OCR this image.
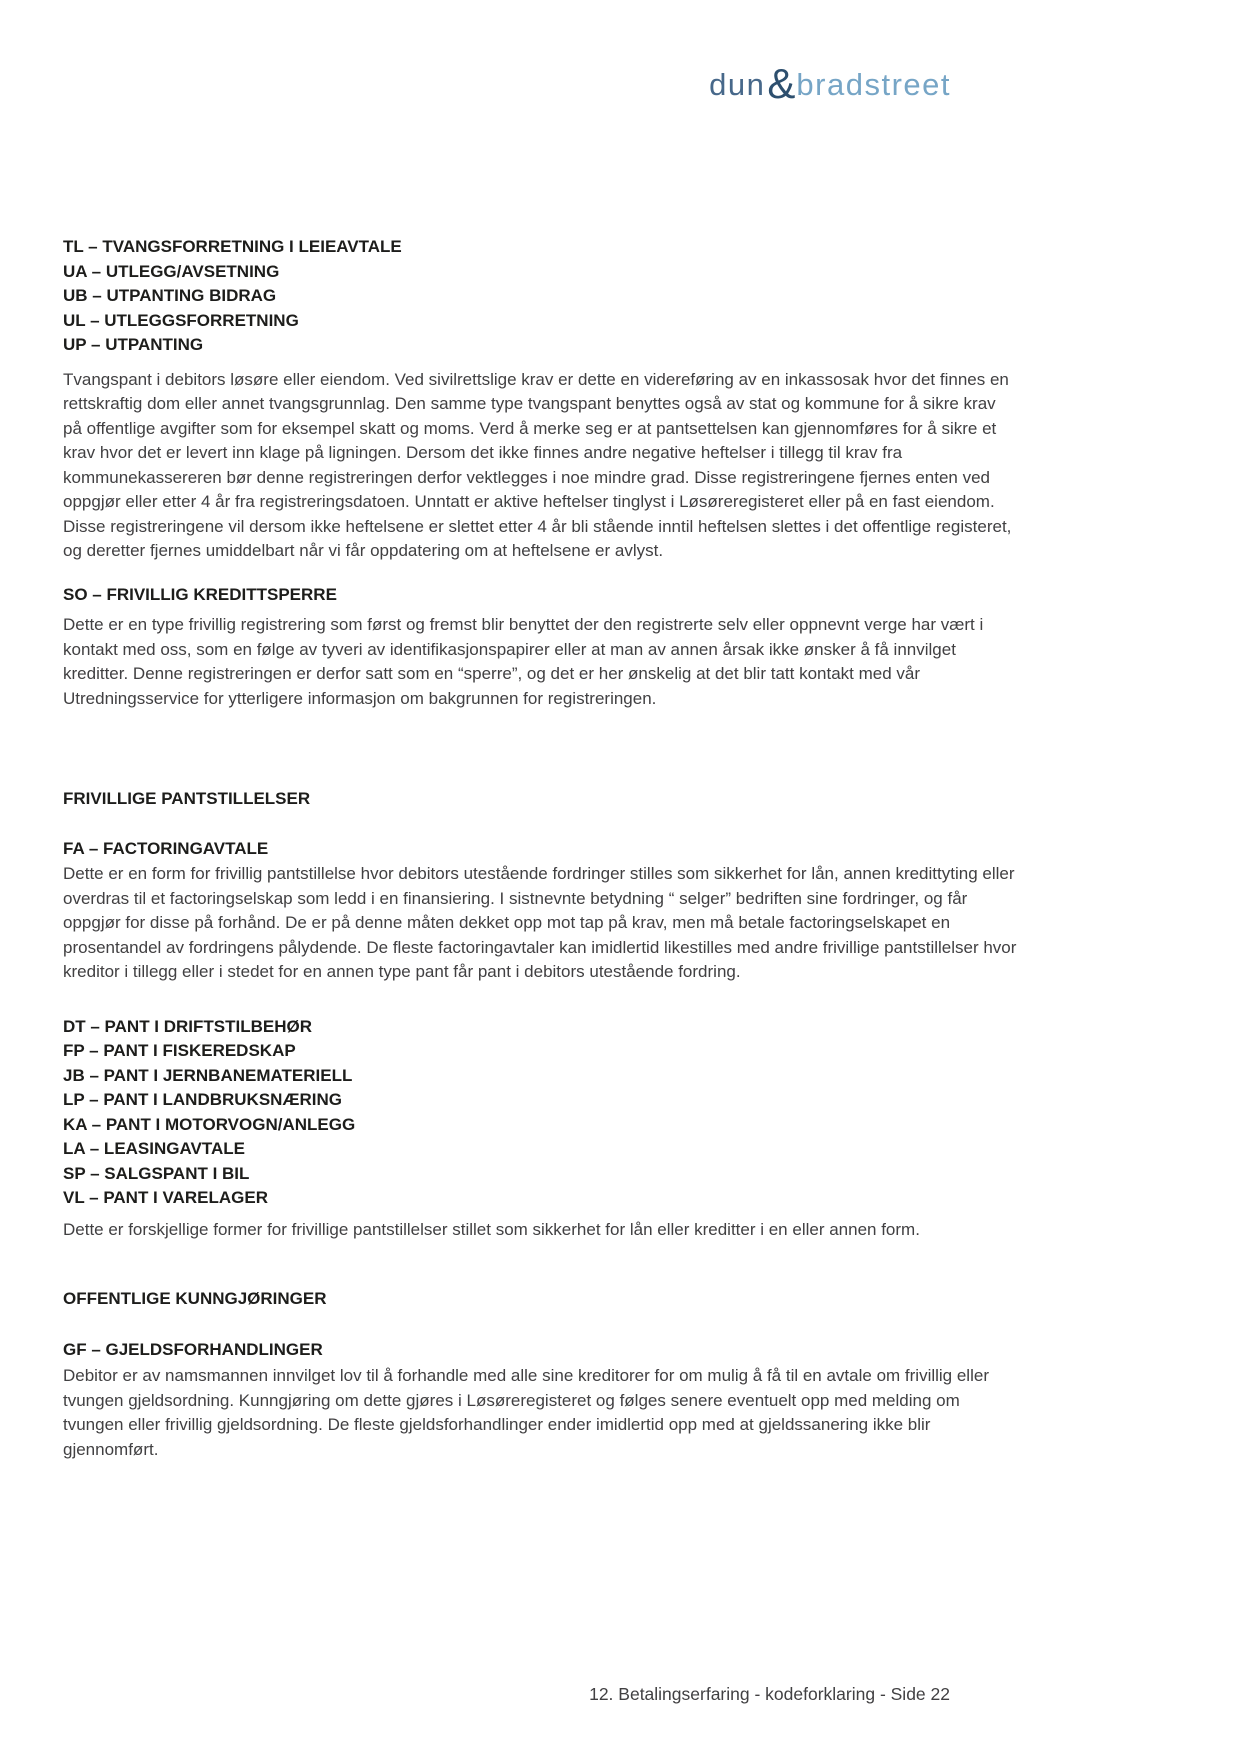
dun & bradstreet

TL – TVANGSFORRETNING I LEIEAVTALE

UA – UTLEGG/AVSETNING

UB – UTPANTING BIDRAG

UL – UTLEGGSFORRETNING

UP – UTPANTING

Tvangspant i debitors løsøre eller eiendom. Ved sivilrettslige krav er dette en videreføring av en inkassosak hvor det finnes en rettskraftig dom eller annet tvangsgrunnlag. Den samme type tvangspant benyttes også av stat og kommune for å sikre krav på offentlige avgifter som for eksempel skatt og moms. Verd å merke seg er at pantsettelsen kan gjennomføres for å sikre et krav hvor det er levert inn klage på ligningen. Dersom det ikke finnes andre negative heftelser i tillegg til krav fra kommunekassereren bør denne registreringen derfor vektlegges i noe mindre grad. Disse registreringene fjernes enten ved oppgjør eller etter 4 år fra registreringsdatoen. Unntatt er aktive heftelser tinglyst i Løsøreregisteret eller på en fast eiendom. Disse registreringene vil dersom ikke heftelsene er slettet etter 4 år bli stående inntil heftelsen slettes i det offentlige registeret, og deretter fjernes umiddelbart når vi får oppdatering om at heftelsene er avlyst.

SO – FRIVILLIG KREDITTSPERRE

Dette er en type frivillig registrering som først og fremst blir benyttet der den registrerte selv eller oppnevnt verge har vært i kontakt med oss, som en følge av tyveri av identifikasjonspapirer eller at man av annen årsak ikke ønsker å få innvilget kreditter. Denne registreringen er derfor satt som en “sperre”, og det er her ønskelig at det blir tatt kontakt med vår Utredningsservice for ytterligere informasjon om bakgrunnen for registreringen.

FRIVILLIGE PANTSTILLELSER

FA – FACTORINGAVTALE

Dette er en form for frivillig pantstillelse hvor debitors utestående fordringer stilles som sikkerhet for lån, annen kredittyting eller overdras til et factoringselskap som ledd i en finansiering. I sistnevnte betydning “ selger” bedriften sine fordringer, og får oppgjør for disse på forhånd. De er på denne måten dekket opp mot tap på krav, men må betale factoringselskapet en prosentandel av fordringens pålydende. De fleste factoringavtaler kan imidlertid likestilles med andre frivillige pantstillelser hvor kreditor i tillegg eller i stedet for en annen type pant får pant i debitors utestående fordring.

DT – PANT I DRIFTSTILBEHØR

FP – PANT I FISKEREDSKAP

JB – PANT I JERNBANEMATERIELL

LP – PANT I LANDBRUKSNÆRING

KA – PANT I MOTORVOGN/ANLEGG

LA – LEASINGAVTALE

SP – SALGSPANT I BIL

VL – PANT I VARELAGER

Dette er forskjellige former for frivillige pantstillelser stillet som sikkerhet for lån eller kreditter i en eller annen form.

OFFENTLIGE KUNNGJØRINGER

GF – GJELDSFORHANDLINGER

Debitor er av namsmannen innvilget lov til å forhandle med alle sine kreditorer for om mulig å få til en avtale om frivillig eller tvungen gjeldsordning. Kunngjøring om dette gjøres i Løsøreregisteret og følges senere eventuelt opp med melding om tvungen eller frivillig gjeldsordning. De fleste gjeldsforhandlinger ender imidlertid opp med at gjeldssanering ikke blir gjennomført.

12. Betalingserfaring - kodeforklaring - Side 22
